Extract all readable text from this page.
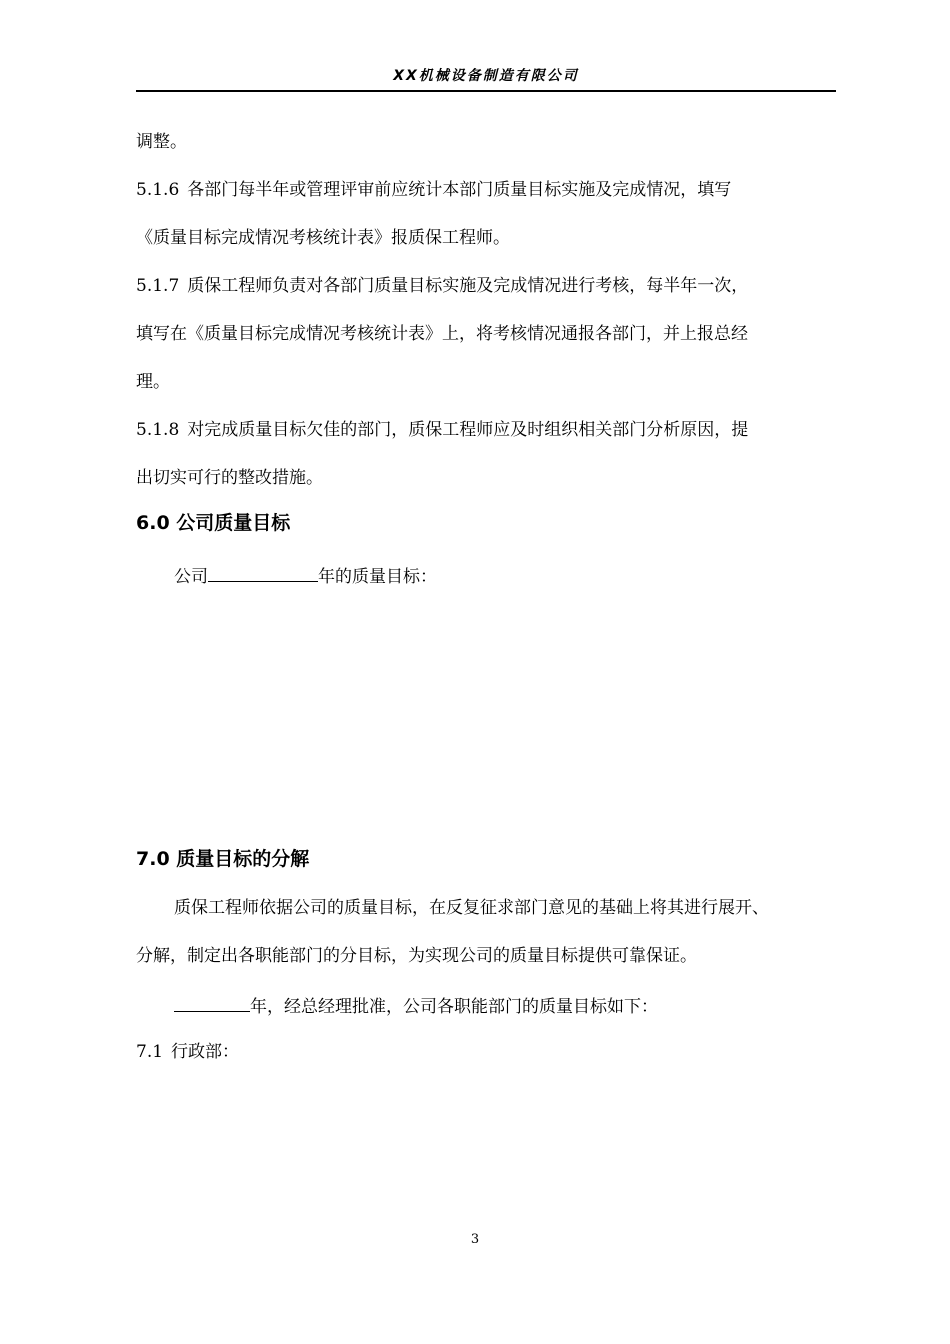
XX机械设备制造有限公司
调整。
5.1.6 各部门每半年或管理评审前应统计本部门质量目标实施及完成情况，填写
《质量目标完成情况考核统计表》报质保工程师。
5.1.7 质保工程师负责对各部门质量目标实施及完成情况进行考核，每半年一次，
填写在《质量目标完成情况考核统计表》上，将考核情况通报各部门，并上报总经
理。
5.1.8 对完成质量目标欠佳的部门，质保工程师应及时组织相关部门分析原因，提
出切实可行的整改措施。
6.0 公司质量目标
公司	年的质量目标：
7.0 质量目标的分解
质保工程师依据公司的质量目标，在反复征求部门意见的基础上将其进行展开、
分解，制定出各职能部门的分目标，为实现公司的质量目标提供可靠保证。
年，经总经理批准，公司各职能部门的质量目标如下：
7.1 行政部：
3
